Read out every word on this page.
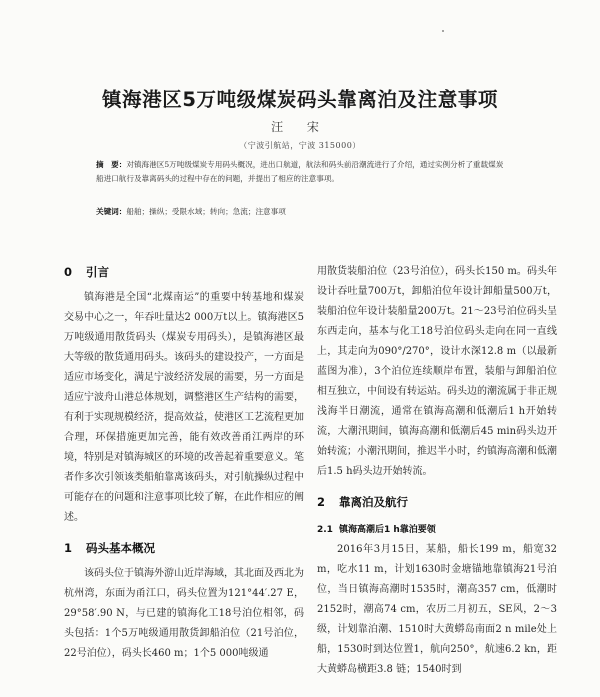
镇海港区5万吨级煤炭码头靠离泊及注意事项
汪 宋
（宁波引航站，宁波 315000）
摘　要：对镇海港区5万吨级煤炭专用码头概况，进出口航道，航法和码头前沿潮流进行了介绍，通过实例分析了重载煤炭船进口航行及靠离码头的过程中存在的问题，并提出了相应的注意事项。
关键词：船舶；操纵；受限水域；转向；急流；注意事项
0 引言

镇海港是全国“北煤南运”的重要中转基地和煤炭交易中心之一，年吞吐量达2 000万t以上。镇海港区5万吨级通用散货码头（煤炭专用码头），是镇海港区最大等级的散货通用码头。该码头的建设投产，一方面是适应市场变化，满足宁波经济发展的需要，另一方面是适应宁波舟山港总体规划，调整港区生产结构的需要，有利于实现规模经济，提高效益，使港区工艺流程更加合理，环保措施更加完善，能有效改善甬江两岸的环境，特别是对镇海城区的环境的改善起着重要意义。笔者作多次引领该类船舶靠离该码头，对引航操纵过程中可能存在的问题和注意事项比较了解，在此作相应的阐述。

1 码头基本概况

该码头位于镇海外游山近岸海域，其北面及西北为杭州湾，东面为甬江口，码头位置为121°44′.27 E，29°58′.90 N，与已建的镇海化工18号泊位相邻，码头包括：1个5万吨级通用散货卸船泊位（21号泊位，22号泊位），码头长460 m；1个5 000吨级通

用散货装船泊位（23号泊位），码头长150 m。码头年设计吞吐量700万t，卸船泊位年设计卸船量500万t，装船泊位年设计装船量200万t。21～23号泊位码头呈东西走向，基本与化工18号泊位码头走向在同一直线上，其走向为090°/270°，设计水深12.8 m（以最新蓝图为准），3个泊位连续顺岸布置，装船与卸船泊位相互独立，中间设有转运站。码头边的潮流属于非正规浅海半日潮流，通常在镇海高潮和低潮后1 h开始转流，大潮汛期间，镇海高潮和低潮后45 min码头边开始转流；小潮汛期间，推迟半小时，约镇海高潮和低潮后1.5 h码头边开始转流。

2 靠离泊及航行
2.1 镇海高潮后1 h靠泊要领

2016年3月15日，某船，船长199 m，船宽32 m，吃水11 m，计划1630时金塘锚地靠镇海21号泊位，当日镇海高潮时1535时，潮高357 cm，低潮时2152时，潮高74 cm，农历二月初五，SE风，2～3级，计划靠泊潮、1510时大黄蟒岛南面2 n mile处上船，1530时到达位置1，航向250°，航速6.2 kn，距大黄蟒岛横距3.8 链；1540时到
